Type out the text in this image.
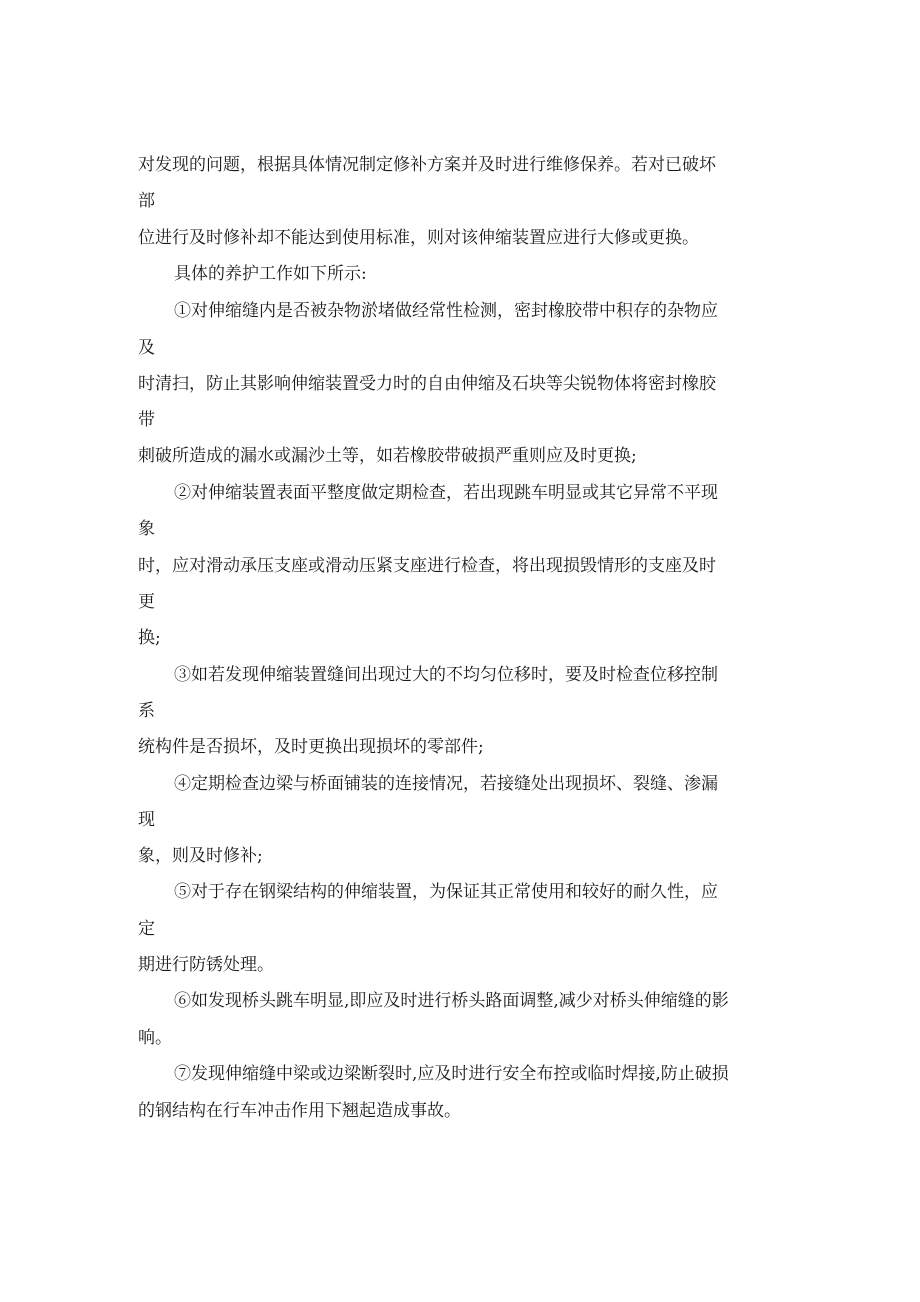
对发现的问题，根据具体情况制定修补方案并及时进行维修保养。若对已破坏

部

位进行及时修补却不能达到使用标准，则对该伸缩装置应进行大修或更换。

具体的养护工作如下所示:

①对伸缩缝内是否被杂物淤堵做经常性检测，密封橡胶带中积存的杂物应

及

时清扫，防止其影响伸缩装置受力时的自由伸缩及石块等尖锐物体将密封橡胶

带

刺破所造成的漏水或漏沙土等，如若橡胶带破损严重则应及时更换;

②对伸缩装置表面平整度做定期检查，若出现跳车明显或其它异常不平现

象

时，应对滑动承压支座或滑动压紧支座进行检查，将出现损毁情形的支座及时

更

换;

③如若发现伸缩装置缝间出现过大的不均匀位移时，要及时检查位移控制

系

统构件是否损坏，及时更换出现损坏的零部件;

④定期检查边梁与桥面铺装的连接情况，若接缝处出现损坏、裂缝、渗漏

现

象，则及时修补;

⑤对于存在钢梁结构的伸缩装置，为保证其正常使用和较好的耐久性，应

定

期进行防锈处理。

⑥如发现桥头跳车明显,即应及时进行桥头路面调整,减少对桥头伸缩缝的影

响。

⑦发现伸缩缝中梁或边梁断裂时,应及时进行安全布控或临时焊接,防止破损

的钢结构在行车冲击作用下翘起造成事故。
